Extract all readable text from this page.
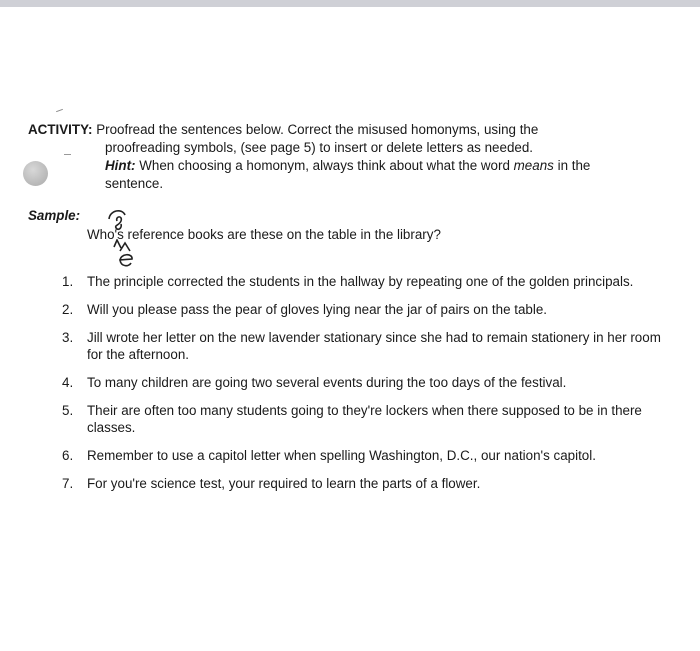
ACTIVITY: Proofread the sentences below. Correct the misused homonyms, using the
proofreading symbols, (see page 5) to insert or delete letters as needed.
Hint: When choosing a homonym, always think about what the word means in the
sentence.
Sample:
Who's reference books are these on the table in the library?
1. The principle corrected the students in the hallway by repeating one of the golden principals.
2. Will you please pass the pear of gloves lying near the jar of pairs on the table.
3. Jill wrote her letter on the new lavender stationary since she had to remain stationery in her room for the afternoon.
4. To many children are going two several events during the too days of the festival.
5. Their are often too many students going to they're lockers when there supposed to be in there classes.
6. Remember to use a capitol letter when spelling Washington, D.C., our nation's capitol.
7. For you're science test, your required to learn the parts of a flower.
